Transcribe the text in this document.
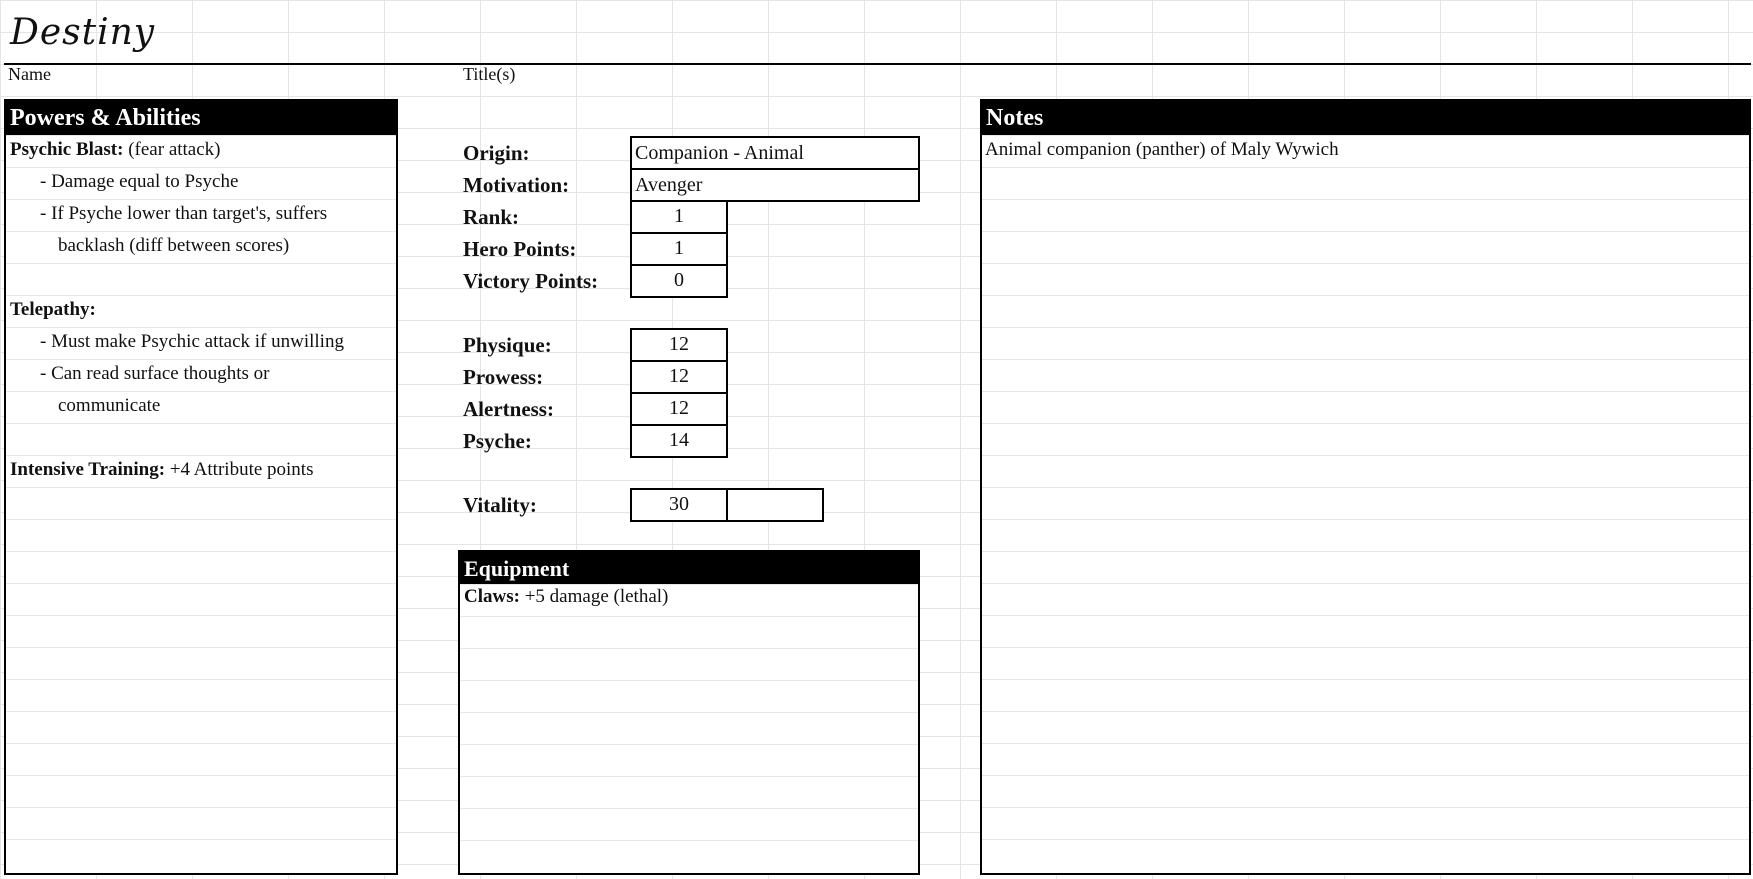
Destiny
Name	Title(s)
Powers & Abilities
Psychic Blast: (fear attack)
- Damage equal to Psyche
- If Psyche lower than target's, suffers
backlash (diff between scores)
Telepathy:
- Must make Psychic attack if unwilling
- Can read surface thoughts or
communicate
Intensive Training: +4 Attribute points
Origin:	Companion - Animal
Motivation:	Avenger
Rank:	1
Hero Points:	1
Victory Points:	0
Physique:	12
Prowess:	12
Alertness:	12
Psyche:	14
Vitality:	30
Equipment
Claws: +5 damage (lethal)
Notes
Animal companion (panther) of Maly Wywich
